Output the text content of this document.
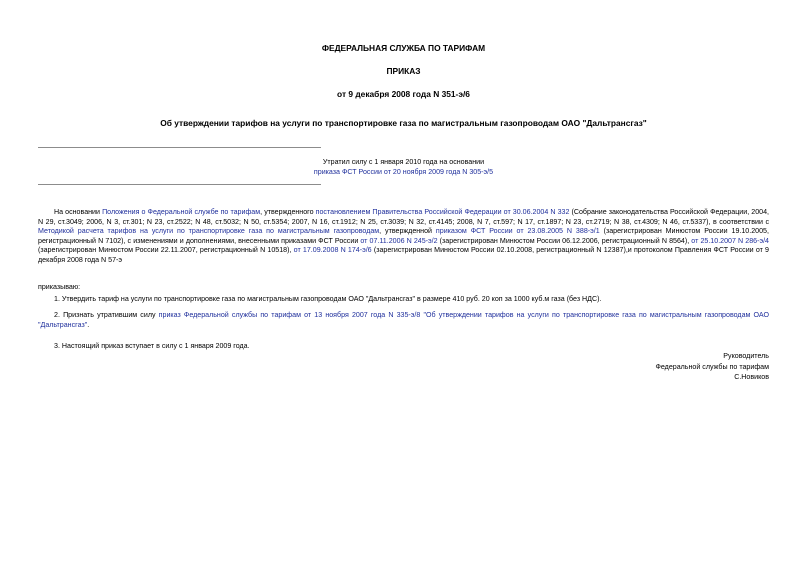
ФЕДЕРАЛЬНАЯ СЛУЖБА ПО ТАРИФАМ

ПРИКАЗ

от 9 декабря 2008 года N 351-э/6

Об утверждении тарифов на услуги по транспортировке газа по магистральным газопроводам ОАО "Дальтрансгаз"

Утратил силу с 1 января 2010 года на основании
приказа ФСТ России от 20 ноября 2009 года N 305-э/5

На основании Положения о Федеральной службе по тарифам, утвержденного постановлением Правительства Российской Федерации от 30.06.2004 N 332 (Собрание законодательства Российской Федерации, 2004, N 29, ст.3049; 2006, N 3, ст.301; N 23, ст.2522; N 48, ст.5032; N 50, ст.5354; 2007, N 16, ст.1912; N 25, ст.3039; N 32, ст.4145; 2008, N 7, ст.597; N 17, ст.1897; N 23, ст.2719; N 38, ст.4309; N 46, ст.5337), в соответствии с Методикой расчета тарифов на услуги по транспортировке газа по магистральным газопроводам, утвержденной приказом ФСТ России от 23.08.2005 N 388-э/1 (зарегистрирован Минюстом России 19.10.2005, регистрационный N 7102), с изменениями и дополнениями, внесенными приказами ФСТ России от 07.11.2006 N 245-э/2 (зарегистрирован Минюстом России 06.12.2006, регистрационный N 8564), от 25.10.2007 N 286-э/4 (зарегистрирован Минюстом России 22.11.2007, регистрационный N 10518), от 17.09.2008 N 174-э/6 (зарегистрирован Минюстом России 02.10.2008, регистрационный N 12387),и протоколом Правления ФСТ России от 9 декабря 2008 года N 57-э

приказываю:

1. Утвердить тариф на услуги по транспортировке газа по магистральным газопроводам ОАО "Дальтрансгаз" в размере 410 руб. 20 коп за 1000 куб.м газа (без НДС).

2. Признать утратившим силу приказ Федеральной службы по тарифам от 13 ноября 2007 года N 335-э/8 "Об утверждении тарифов на услуги по транспортировке газа по магистральным газопроводам ОАО "Дальтрансгаз".

3. Настоящий приказ вступает в силу с 1 января 2009 года.

Руководитель
Федеральной службы по тарифам
С.Новиков
